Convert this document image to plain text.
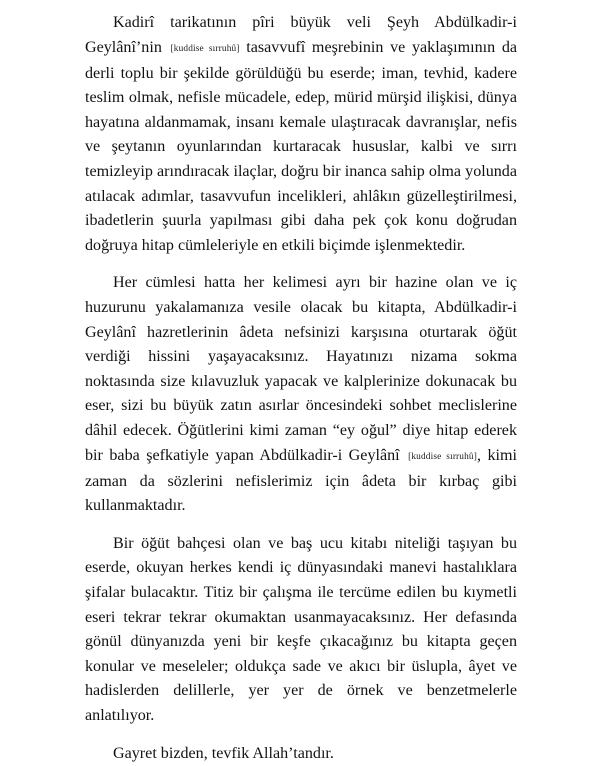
Kadirî tarikatının pîri büyük veli Şeyh Abdülkadir-i Geylânî’nin [kuddise sırruhû] tasavvufî meşrebinin ve yaklaşımının da derli toplu bir şekilde görüldüğü bu eserde; iman, tevhid, kadere teslim olmak, nefisle mücadele, edep, mürid mürşid ilişkisi, dünya hayatına aldanmamak, insanı kemale ulaştıracak davranışlar, nefis ve şeytanın oyunlarından kurtaracak hususlar, kalbi ve sırrı temizleyip arındıracak ilaçlar, doğru bir inanca sahip olma yolunda atılacak adımlar, tasavvufun incelikleri, ahlâkın güzelleştirilmesi, ibadetlerin şuurla yapılması gibi daha pek çok konu doğrudan doğruya hitap cümleleriyle en etkili biçimde işlenmektedir.

Her cümlesi hatta her kelimesi ayrı bir hazine olan ve iç huzurunu yakalamanıza vesile olacak bu kitapta, Abdülkadir-i Geylânî hazretlerinin âdeta nefsinizi karşısına oturtarak öğüt verdiği hissini yaşayacaksınız. Hayatınızı nizama sokma noktasında size kılavuzluk yapacak ve kalplerinize dokunacak bu eser, sizi bu büyük zatın asırlar öncesindeki sohbet meclislerine dâhil edecek. Öğütlerini kimi zaman “ey oğul” diye hitap ederek bir baba şefkatiyle yapan Abdülkadir-i Geylânî [kuddise sırruhû], kimi zaman da sözlerini nefislerimiz için âdeta bir kırbaç gibi kullanmaktadır.

Bir öğüt bahçesi olan ve baş ucu kitabı niteliği taşıyan bu eserde, okuyan herkes kendi iç dünyasındaki manevi hastalıklara şifalar bulacaktır. Titiz bir çalışma ile tercüme edilen bu kıymetli eseri tekrar tekrar okumaktan usanmayacaksınız. Her defasında gönül dünyanızda yeni bir keşfe çıkacağınız bu kitapta geçen konular ve meseleler; oldukça sade ve akıcı bir üslupla, âyet ve hadislerden delillerle, yer yer de örnek ve benzetmelerle anlatılıyor.

Gayret bizden, tevfik Allah’tandır.
